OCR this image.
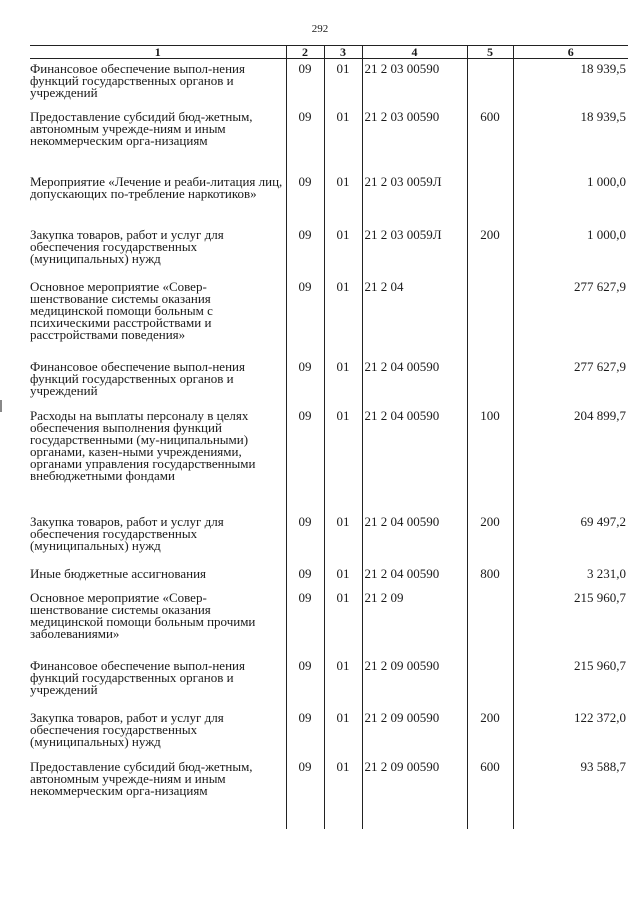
292
1	2	3	4	5	6
Финансовое обеспечение выпол-нения функций государственных органов и учреждений	09	01	21 2 03 00590		18 939,5
Предоставление субсидий бюд-жетным, автономным учрежде-ниям и иным некоммерческим орга-низациям	09	01	21 2 03 00590	600	18 939,5
Мероприятие «Лечение и реаби-литация лиц, допускающих по-требление наркотиков»	09	01	21 2 03 0059Л		1 000,0
Закупка товаров, работ и услуг для обеспечения государственных (муниципальных) нужд	09	01	21 2 03 0059Л	200	1 000,0
Основное мероприятие «Совер-шенствование системы оказания медицинской помощи больным с психическими расстройствами и расстройствами поведения»	09	01	21 2 04		277 627,9
Финансовое обеспечение выпол-нения функций государственных органов и учреждений	09	01	21 2 04 00590		277 627,9
Расходы на выплаты персоналу в целях обеспечения выполнения функций государственными (му-ниципальными) органами, казен-ными учреждениями, органами управления государственными внебюджетными фондами	09	01	21 2 04 00590	100	204 899,7
Закупка товаров, работ и услуг для обеспечения государственных (муниципальных) нужд	09	01	21 2 04 00590	200	69 497,2
Иные бюджетные ассигнования	09	01	21 2 04 00590	800	3 231,0
Основное мероприятие «Совер-шенствование системы оказания медицинской помощи больным прочими заболеваниями»	09	01	21 2 09		215 960,7
Финансовое обеспечение выпол-нения функций государственных органов и учреждений	09	01	21 2 09 00590		215 960,7
Закупка товаров, работ и услуг для обеспечения государственных (муниципальных) нужд	09	01	21 2 09 00590	200	122 372,0
Предоставление субсидий бюд-жетным, автономным учрежде-ниям и иным некоммерческим орга-низациям	09	01	21 2 09 00590	600	93 588,7
